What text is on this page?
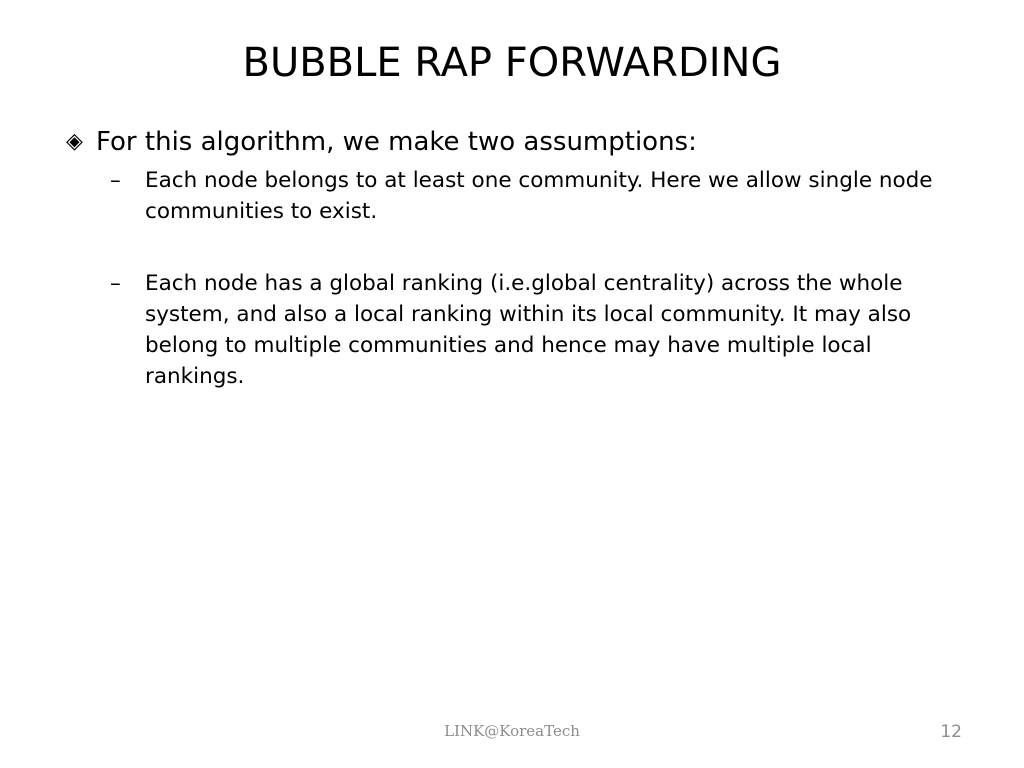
BUBBLE RAP FORWARDING
◈ For this algorithm, we make two assumptions:
–	Each node belongs to at least one community. Here we allow single node communities to exist.
–	Each node has a global ranking (i.e.global centrality) across the whole system, and also a local ranking within its local community. It may also belong to multiple communities and hence may have multiple local rankings.
LINK@KoreaTech	12
